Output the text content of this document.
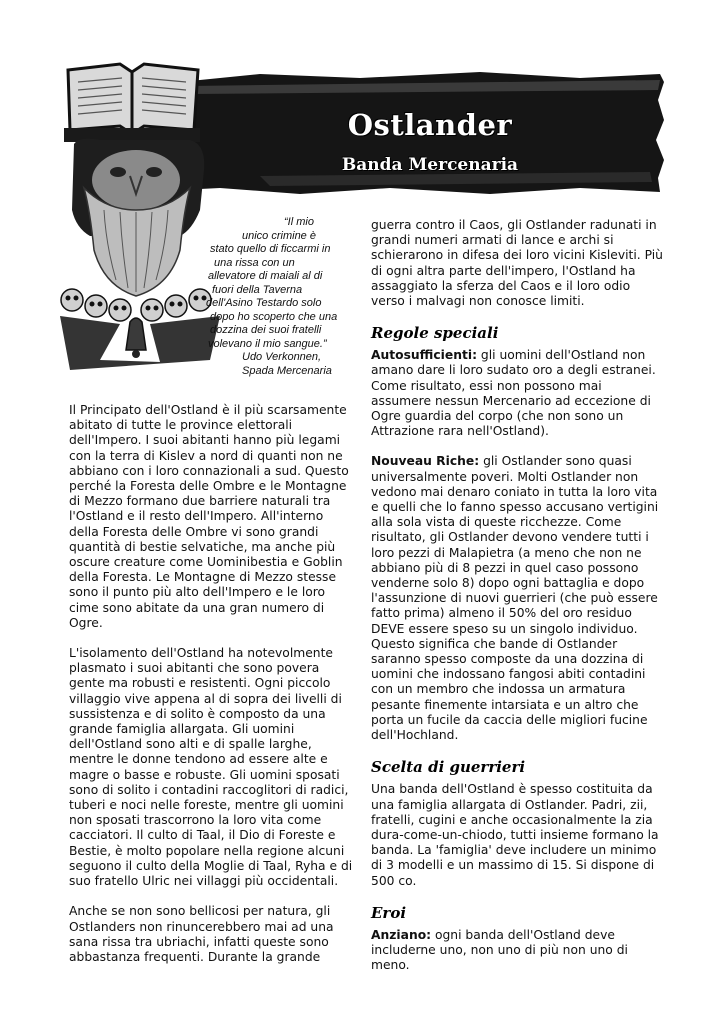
Ostlander
Banda Mercenaria
“Il mio
unico crimine è
stato quello di ficcarmi in
una rissa con un
allevatore di maiali al di
fuori della Taverna
dell'Asino Testardo solo
dopo ho scoperto che una
dozzina dei suoi fratelli
volevano il mio sangue.”
Udo Verkonnen,
Spada Mercenaria

Il Principato dell'Ostland è il più scarsamente abitato di tutte le province elettorali dell'Impero. I suoi abitanti hanno più legami con la terra di Kislev a nord di quanti non ne abbiano con i loro connazionali a sud. Questo perché la Foresta delle Ombre e le Montagne di Mezzo formano due barriere naturali tra l'Ostland e il resto dell'Impero. All'interno della Foresta delle Ombre vi sono grandi quantità di bestie selvatiche, ma anche più oscure creature come Uominibestia e Goblin della Foresta. Le Montagne di Mezzo stesse sono il punto più alto dell'Impero e le loro cime sono abitate da una gran numero di Ogre.

L'isolamento dell'Ostland ha notevolmente plasmato i suoi abitanti che sono povera gente ma robusti e resistenti. Ogni piccolo villaggio vive appena al di sopra dei livelli di sussistenza e di solito è composto da una grande famiglia allargata. Gli uomini dell'Ostland sono alti e di spalle larghe, mentre le donne tendono ad essere alte e magre o basse e robuste. Gli uomini sposati sono di solito i contadini raccoglitori di radici, tuberi e noci nelle foreste, mentre gli uomini non sposati trascorrono la loro vita come cacciatori. Il culto di Taal, il Dio di Foreste e Bestie, è molto popolare nella regione alcuni seguono il culto della Moglie di Taal, Ryha e di suo fratello Ulric nei villaggi più occidentali.

Anche se non sono bellicosi per natura, gli Ostlanders non rinuncerebbero mai ad una sana rissa tra ubriachi, infatti queste sono abbastanza frequenti. Durante la grande

guerra contro il Caos, gli Ostlander radunati in grandi numeri armati di lance e archi si schierarono in difesa dei loro vicini Kisleviti. Più di ogni altra parte dell'impero, l'Ostland ha assaggiato la sferza del Caos e il loro odio verso i malvagi non conosce limiti.

Regole speciali

Autosufficienti: gli uomini dell'Ostland non amano dare li loro sudato oro a degli estranei. Come risultato, essi non possono mai assumere nessun Mercenario ad eccezione di Ogre guardia del corpo (che non sono un Attrazione rara nell'Ostland).

Nouveau Riche: gli Ostlander sono quasi universalmente poveri. Molti Ostlander non vedono mai denaro coniato in tutta la loro vita e quelli che lo fanno spesso accusano vertigini alla sola vista di queste ricchezze. Come risultato, gli Ostlander devono vendere tutti i loro pezzi di Malapietra (a meno che non ne abbiano più di 8 pezzi in quel caso possono venderne solo 8) dopo ogni battaglia e dopo l'assunzione di nuovi guerrieri (che può essere fatto prima) almeno il 50% del oro residuo DEVE essere speso su un singolo individuo. Questo significa che bande di Ostlander saranno spesso composte da una dozzina di uomini che indossano fangosi abiti contadini con un membro che indossa un armatura pesante finemente intarsiata e un altro che porta un fucile da caccia delle migliori fucine dell'Hochland.

Scelta di guerrieri

Una banda dell'Ostland è spesso costituita da una famiglia allargata di Ostlander. Padri, zii, fratelli, cugini e anche occasionalmente la zia dura-come-un-chiodo, tutti insieme formano la banda. La 'famiglia' deve includere un minimo di 3 modelli e un massimo di 15. Si dispone di 500 co.

Eroi

Anziano: ogni banda dell'Ostland deve includerne uno, non uno di più non uno di meno.
